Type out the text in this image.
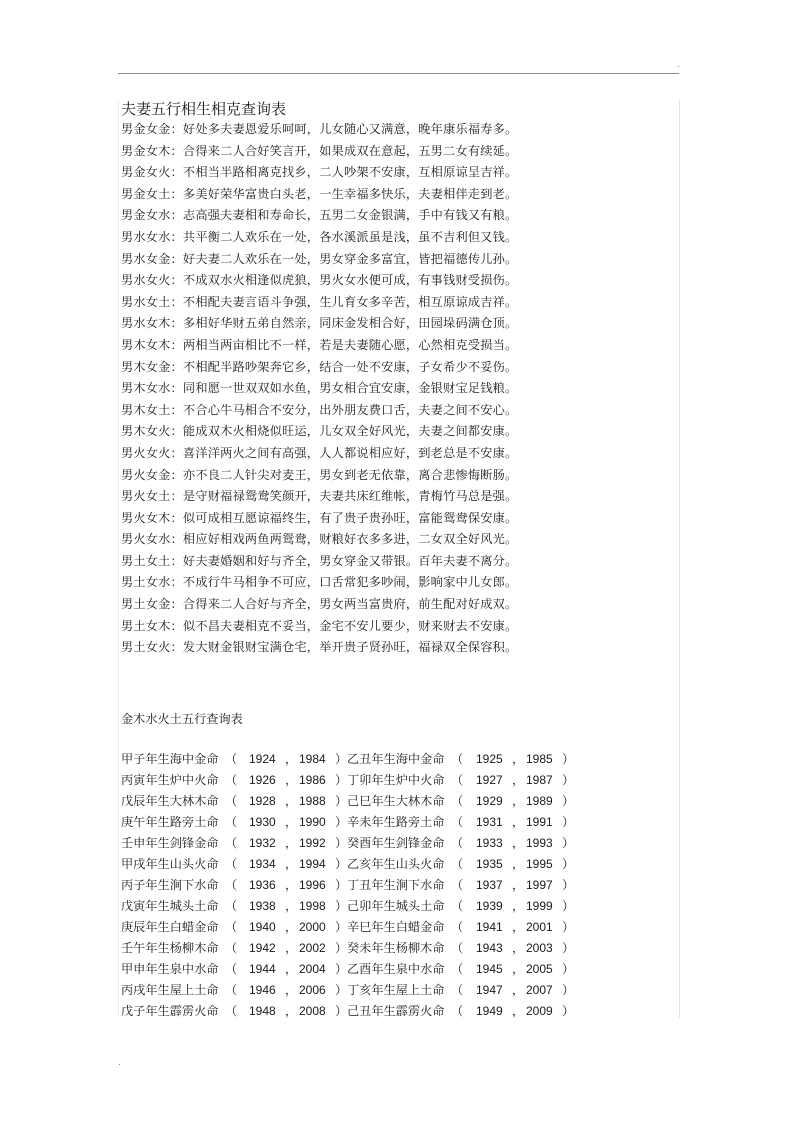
.
夫妻五行相生相克查询表
男金女金：好处多夫妻恩爱乐呵呵，儿女随心又满意，晚年康乐福寿多。
男金女木：合得来二人合好笑言开，如果成双在意起，五男二女有续延。
男金女火：不相当半路相离克找乡，二人吵架不安康，互相原谅呈吉祥。
男金女土：多美好荣华富贵白头老，一生幸福多快乐，夫妻相伴走到老。
男金女水：志高强夫妻相和寿命长，五男二女金银满，手中有钱又有粮。
男水女水：共平衡二人欢乐在一处，各水溪派虽是浅，虽不吉利但又钱。
男水女金：好夫妻二人欢乐在一处，男女穿金多富宜，皆把福德传儿孙。
男水女火：不成双水火相逢似虎狼，男火女水便可成，有事钱财受损伤。
男水女土：不相配夫妻言语斗争强，生儿育女多辛苦，相互原谅成吉祥。
男水女木：多相好华财五弟自然亲，同床金发相合好，田园垛码满仓顶。
男木女木：两相当两亩相比不一样，若是夫妻随心愿，心然相克受损当。
男木女金：不相配半路吵架奔它乡，结合一处不安康，子女希少不妥伤。
男木女水：同和愿一世双双如水鱼，男女相合宜安康，金银财宝足钱粮。
男木女土：不合心牛马相合不安分，出外朋友费口舌，夫妻之间不安心。
男木女火：能成双木火相烧似旺运，儿女双全好风光，夫妻之间都安康。
男火女火：喜洋洋两火之间有高强，人人都说相应好，到老总是不安康。
男火女金：亦不良二人针尖对麦王，男女到老无依靠，离合悲惨悔断肠。
男火女土：是守财福禄鸳鸯笑颜开，夫妻共床红维帐，青梅竹马总是强。
男火女木：似可成相互愿谅福终生，有了贵子贵孙旺，富能鸳鸯保安康。
男火女水：相应好相戏两鱼两鸳鸯，财粮好衣多多进，二女双全好风光。
男土女土：好夫妻婚姻和好与齐全，男女穿金又带银。百年夫妻不离分。
男土女水：不成行牛马相争不可应，口舌常犯多吵闹，影响家中儿女郎。
男土女金：合得来二人合好与齐全，男女两当富贵府，前生配对好成双。
男土女木：似不昌夫妻相克不妥当，金宅不安儿要少，财来财去不安康。
男土女火：发大财金银财宝满仓宅，举开贵子贤孙旺，福禄双全保容积。
金木水火土五行查询表
甲子年生海中金命 （ 1924 ， 1984 ） 乙丑年生海中金命 （ 1925 ， 1985 ）
丙寅年生炉中火命 （ 1926 ， 1986 ） 丁卯年生炉中火命 （ 1927 ， 1987 ）
戊辰年生大林木命 （ 1928 ， 1988 ） 己巳年生大林木命 （ 1929 ， 1989 ）
庚午年生路旁土命 （ 1930 ， 1990 ） 辛未年生路旁土命 （ 1931 ， 1991 ）
壬申年生剑锋金命 （ 1932 ， 1992 ） 癸酉年生剑锋金命 （ 1933 ， 1993 ）
甲戌年生山头火命 （ 1934 ， 1994 ） 乙亥年生山头火命 （ 1935 ， 1995 ）
丙子年生涧下水命 （ 1936 ， 1996 ） 丁丑年生涧下水命 （ 1937 ， 1997 ）
戊寅年生城头土命 （ 1938 ， 1998 ） 己卯年生城头土命 （ 1939 ， 1999 ）
庚辰年生白蜡金命 （ 1940 ， 2000 ） 辛巳年生白蜡金命 （ 1941 ， 2001 ）
壬午年生杨柳木命 （ 1942 ， 2002 ） 癸未年生杨柳木命 （ 1943 ， 2003 ）
甲申年生泉中水命 （ 1944 ， 2004 ） 乙酉年生泉中水命 （ 1945 ， 2005 ）
丙戌年生屋上土命 （ 1946 ， 2006 ） 丁亥年生屋上土命 （ 1947 ， 2007 ）
戊子年生霹雳火命 （ 1948 ， 2008 ） 己丑年生霹雳火命 （ 1949 ， 2009 ）
.
